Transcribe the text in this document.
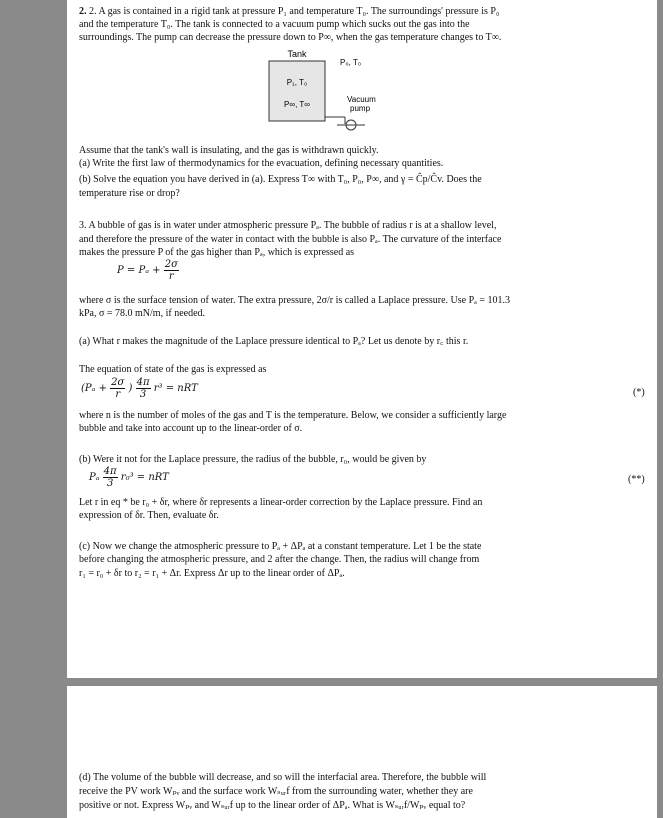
2. 2. A gas is contained in a rigid tank at pressure P₁ and temperature T₀. The surroundings' pressure is P₀
and the temperature T₀. The tank is connected to a vacuum pump which sucks out the gas into the
surroundings. The pump can decrease the pressure down to P∞, when the gas temperature changes to T∞.
Tank
P₀, T₀
P₁, T₀
P∞, T∞
Vacuum
pump
Assume that the tank's wall is insulating, and the gas is withdrawn quickly.
(a) Write the first law of thermodynamics for the evacuation, defining necessary quantities.
(b) Solve the equation you have derived in (a). Express T∞ with T₀, P₀, P∞, and γ = Ĉp/Ĉv. Does the
temperature rise or drop?
3. A bubble of gas is in water under atmospheric pressure Pₐ. The bubble of radius r is at a shallow level,
and therefore the pressure of the water in contact with the bubble is also Pₐ. The curvature of the interface
makes the pressure P of the gas higher than Pₐ, which is expressed as
$P = P_a + \frac{2\sigma}{r}$
where σ is the surface tension of water. The extra pressure, 2σ/r is called a Laplace pressure. Use Pₐ = 101.3
kPa, σ = 78.0 mN/m, if needed.
(a) What r makes the magnitude of the Laplace pressure identical to Pₐ? Let us denote by r꜀ this r.
The equation of state of the gas is expressed as
($P_a + \frac{2\sigma}{r}$ ) $\frac{4\pi}{3} r^3$ = nRT	(*)
where n is the number of moles of the gas and T is the temperature. Below, we consider a sufficiently large
bubble and take into account up to the linear-order of σ.
(b) Were it not for the Laplace pressure, the radius of the bubble, r₀, would be given by
Pₐ $\frac{4\pi}{3} r_0^3$ = nRT	(**)
Let r in eq * be r₀ + δr, where δr represents a linear-order correction by the Laplace pressure. Find an
expression of δr. Then, evaluate δr.
(c) Now we change the atmospheric pressure to Pₐ + ΔPₐ at a constant temperature. Let 1 be the state
before changing the atmospheric pressure, and 2 after the change. Then, the radius will change from
r₁ = r₀ + δr to r₂ = r₁ + Δr. Express Δr up to the linear order of ΔPₐ.
(d) The volume of the bubble will decrease, and so will the interfacial area. Therefore, the bubble will
receive the PV work Wₚᵥ and the surface work Wₛᵤᵣf from the surrounding water, whether they are
positive or not. Express Wₚᵥ and Wₛᵤᵣf up to the linear order of ΔPₐ. What is Wₛᵤᵣf/Wₚᵥ equal to?
